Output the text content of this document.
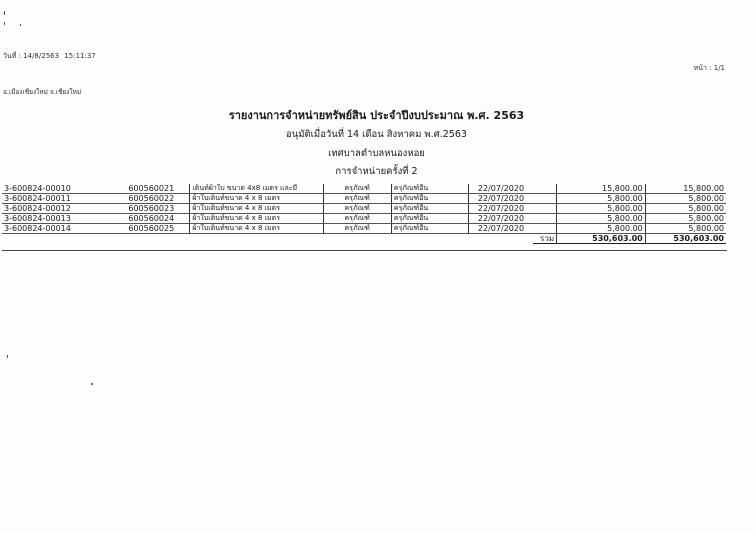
วันที่ : 14/8/2563 15:11:37
หน้า : 1/1
อ.เมืองเชียงใหม่ จ.เชียงใหม่
รายงานการจำหน่ายทรัพย์สิน ประจำปีงบประมาณ พ.ศ. 2563
อนุมัติเมื่อวันที่ 14 เดือน สิงหาคม พ.ศ.2563
เทศบาลตำบลหนองหอย
การจำหน่ายครั้งที่ 2
3-600824-00010	600560021	เต็นท์ผ้าใบ ขนาด 4x8 เมตร และมี	ครุภัณฑ์	ครุภัณฑ์อื่น	22/07/2020		15,800.00	15,800.00
3-600824-00011	600560022	ผ้าใบเต็นท์ขนาด 4 x 8 เมตร	ครุภัณฑ์	ครุภัณฑ์อื่น	22/07/2020		5,800.00	5,800.00
3-600824-00012	600560023	ผ้าใบเต็นท์ขนาด 4 x 8 เมตร	ครุภัณฑ์	ครุภัณฑ์อื่น	22/07/2020		5,800.00	5,800.00
3-600824-00013	600560024	ผ้าใบเต็นท์ขนาด 4 x 8 เมตร	ครุภัณฑ์	ครุภัณฑ์อื่น	22/07/2020		5,800.00	5,800.00
3-600824-00014	600560025	ผ้าใบเต็นท์ขนาด 4 x 8 เมตร	ครุภัณฑ์	ครุภัณฑ์อื่น	22/07/2020		5,800.00	5,800.00
						รวม	530,603.00	530,603.00
